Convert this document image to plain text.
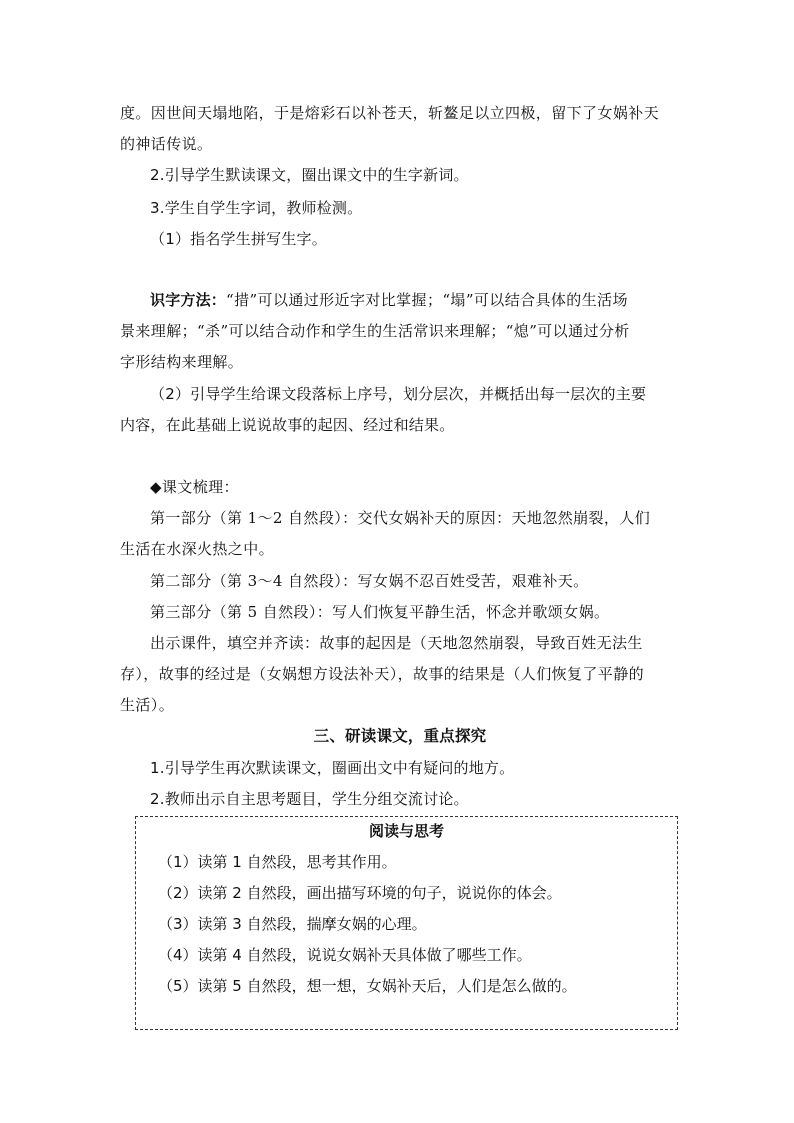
度。因世间天塌地陷，于是熔彩石以补苍天，斩鳌足以立四极，留下了女娲补天
的神话传说。
2.引导学生默读课文，圈出课文中的生字新词。
3.学生自学生字词，教师检测。
（1）指名学生拼写生字。
识字方法：“措”可以通过形近字对比掌握；“塌”可以结合具体的生活场
景来理解；“杀”可以结合动作和学生的生活常识来理解；“熄”可以通过分析
字形结构来理解。
（2）引导学生给课文段落标上序号，划分层次，并概括出每一层次的主要
内容，在此基础上说说故事的起因、经过和结果。
◆课文梳理：
第一部分（第 1～2 自然段）：交代女娲补天的原因：天地忽然崩裂，人们
生活在水深火热之中。
第二部分（第 3～4 自然段）：写女娲不忍百姓受苦，艰难补天。
第三部分（第 5 自然段）：写人们恢复平静生活，怀念并歌颂女娲。
出示课件，填空并齐读：故事的起因是（天地忽然崩裂，导致百姓无法生
存），故事的经过是（女娲想方设法补天），故事的结果是（人们恢复了平静的
生活）。
三、研读课文，重点探究
1.引导学生再次默读课文，圈画出文中有疑问的地方。
2.教师出示自主思考题目，学生分组交流讨论。
阅读与思考
（1）读第 1 自然段，思考其作用。
（2）读第 2 自然段，画出描写环境的句子，说说你的体会。
（3）读第 3 自然段，揣摩女娲的心理。
（4）读第 4 自然段，说说女娲补天具体做了哪些工作。
（5）读第 5 自然段，想一想，女娲补天后，人们是怎么做的。
